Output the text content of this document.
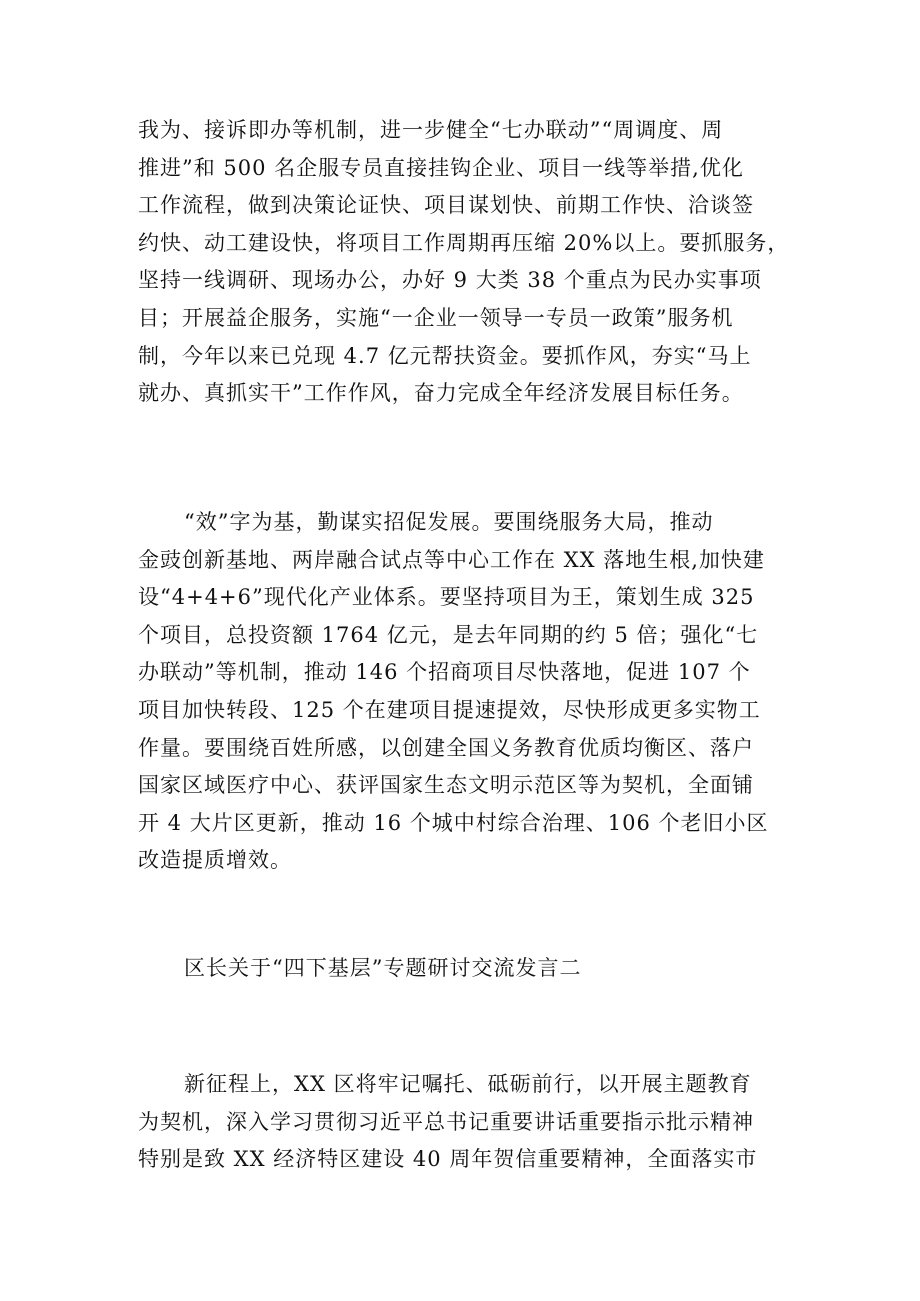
我为、接诉即办等机制，进一步健全“七办联动”“周调度、周
推进”和 500 名企服专员直接挂钩企业、项目一线等举措,优化
工作流程，做到决策论证快、项目谋划快、前期工作快、洽谈签
约快、动工建设快，将项目工作周期再压缩 20%以上。要抓服务，
坚持一线调研、现场办公，办好 9 大类 38 个重点为民办实事项
目；开展益企服务，实施“一企业一领导一专员一政策”服务机
制，今年以来已兑现 4.7 亿元帮扶资金。要抓作风，夯实“马上
就办、真抓实干”工作作风，奋力完成全年经济发展目标任务。
“效”字为基，勤谋实招促发展。要围绕服务大局，推动
金豉创新基地、两岸融合试点等中心工作在 XX 落地生根,加快建
设“4+4+6”现代化产业体系。要坚持项目为王，策划生成 325
个项目，总投资额 1764 亿元，是去年同期的约 5 倍；强化“七
办联动”等机制，推动 146 个招商项目尽快落地，促进 107 个
项目加快转段、125 个在建项目提速提效，尽快形成更多实物工
作量。要围绕百姓所感，以创建全国义务教育优质均衡区、落户
国家区域医疗中心、获评国家生态文明示范区等为契机，全面铺
开 4 大片区更新，推动 16 个城中村综合治理、106 个老旧小区
改造提质增效。
区长关于“四下基层”专题研讨交流发言二
新征程上，XX 区将牢记嘱托、砥砺前行，以开展主题教育
为契机，深入学习贯彻习近平总书记重要讲话重要指示批示精神
特别是致 XX 经济特区建设 40 周年贺信重要精神，全面落实市
